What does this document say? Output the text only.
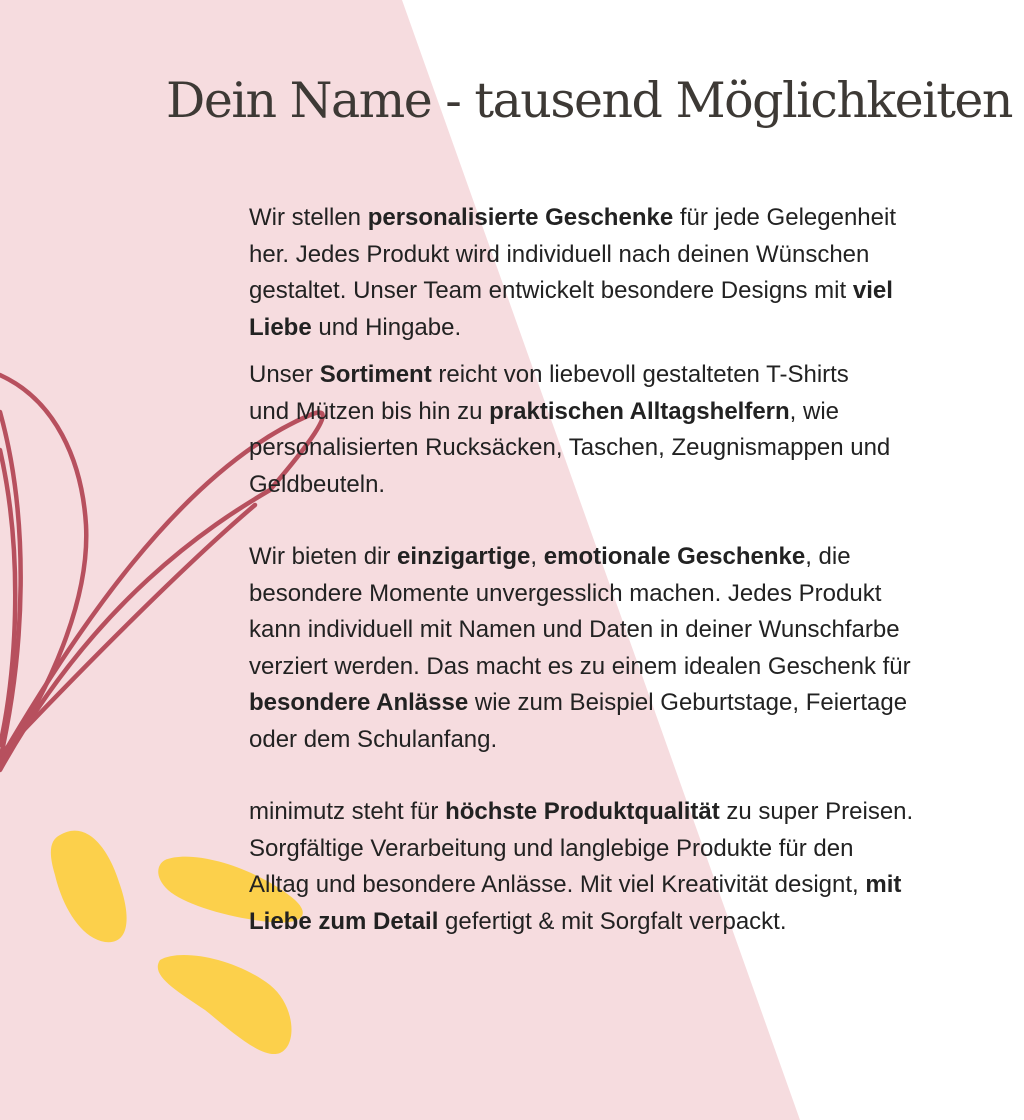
Dein Name - tausend Möglichkeiten
Wir stellen personalisierte Geschenke für jede Gelegenheit
her. Jedes Produkt wird individuell nach deinen Wünschen
gestaltet. Unser Team entwickelt besondere Designs mit viel
Liebe und Hingabe.
Unser Sortiment reicht von liebevoll gestalteten T-Shirts
und Mützen bis hin zu praktischen Alltagshelfern, wie
personalisierten Rucksäcken, Taschen, Zeugnismappen und
Geldbeuteln.
Wir bieten dir einzigartige, emotionale Geschenke, die
besondere Momente unvergesslich machen. Jedes Produkt
kann individuell mit Namen und Daten in deiner Wunschfarbe
verziert werden. Das macht es zu einem idealen Geschenk für
besondere Anlässe wie zum Beispiel Geburtstage, Feiertage
oder dem Schulanfang.
minimutz steht für höchste Produktqualität zu super Preisen.
Sorgfältige Verarbeitung und langlebige Produkte für den
Alltag und besondere Anlässe. Mit viel Kreativität designt, mit
Liebe zum Detail gefertigt & mit Sorgfalt verpackt.
